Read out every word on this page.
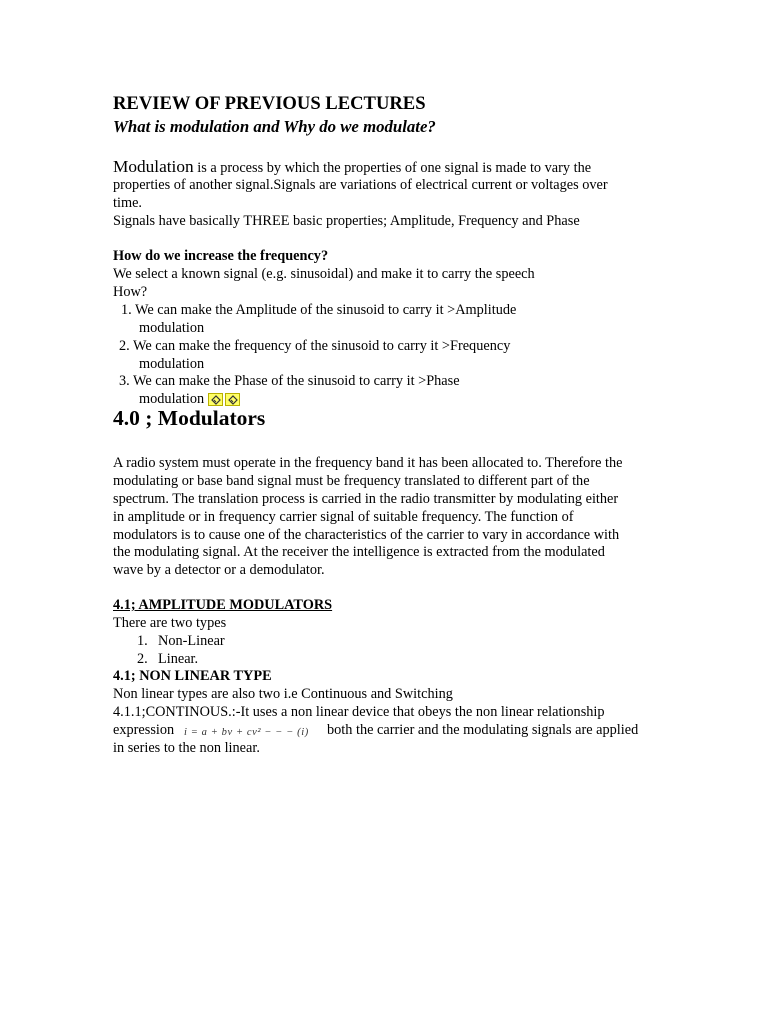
REVIEW OF PREVIOUS LECTURES
What is modulation and Why do we modulate?
Modulation is a process by which the properties of one signal is made to vary the
properties of another signal.Signals are variations of electrical current or voltages over
time.
Signals have basically THREE basic properties; Amplitude, Frequency and Phase
How do we increase the frequency?
We select a known signal (e.g. sinusoidal) and make it to carry the speech
How?
1. We can make the Amplitude of the sinusoid to carry it >Amplitude
modulation
2. We can make the frequency of the sinusoid to carry it >Frequency
modulation
3. We can make the Phase of the sinusoid to carry it >Phase
modulation
4.0 ; Modulators
A radio system must operate in the frequency band it has been allocated to. Therefore the
modulating or base band signal must be frequency translated to different part of the
spectrum. The translation process is carried in the radio transmitter by modulating either
in amplitude or in frequency carrier signal of suitable frequency. The function of
modulators is to cause one of the characteristics of the carrier to vary in accordance with
the modulating signal. At the receiver the intelligence is extracted from the modulated
wave by a detector or a demodulator.
4.1; AMPLITUDE MODULATORS
There are two types
1. Non-Linear
2. Linear.
4.1; NON LINEAR TYPE
Non linear types are also two i.e Continuous and Switching
4.1.1;CONTINOUS.:-It uses a non linear device that obeys the non linear relationship
expression i = a + bv + cv² − − − (i) both the carrier and the modulating signals are applied
in series to the non linear.
